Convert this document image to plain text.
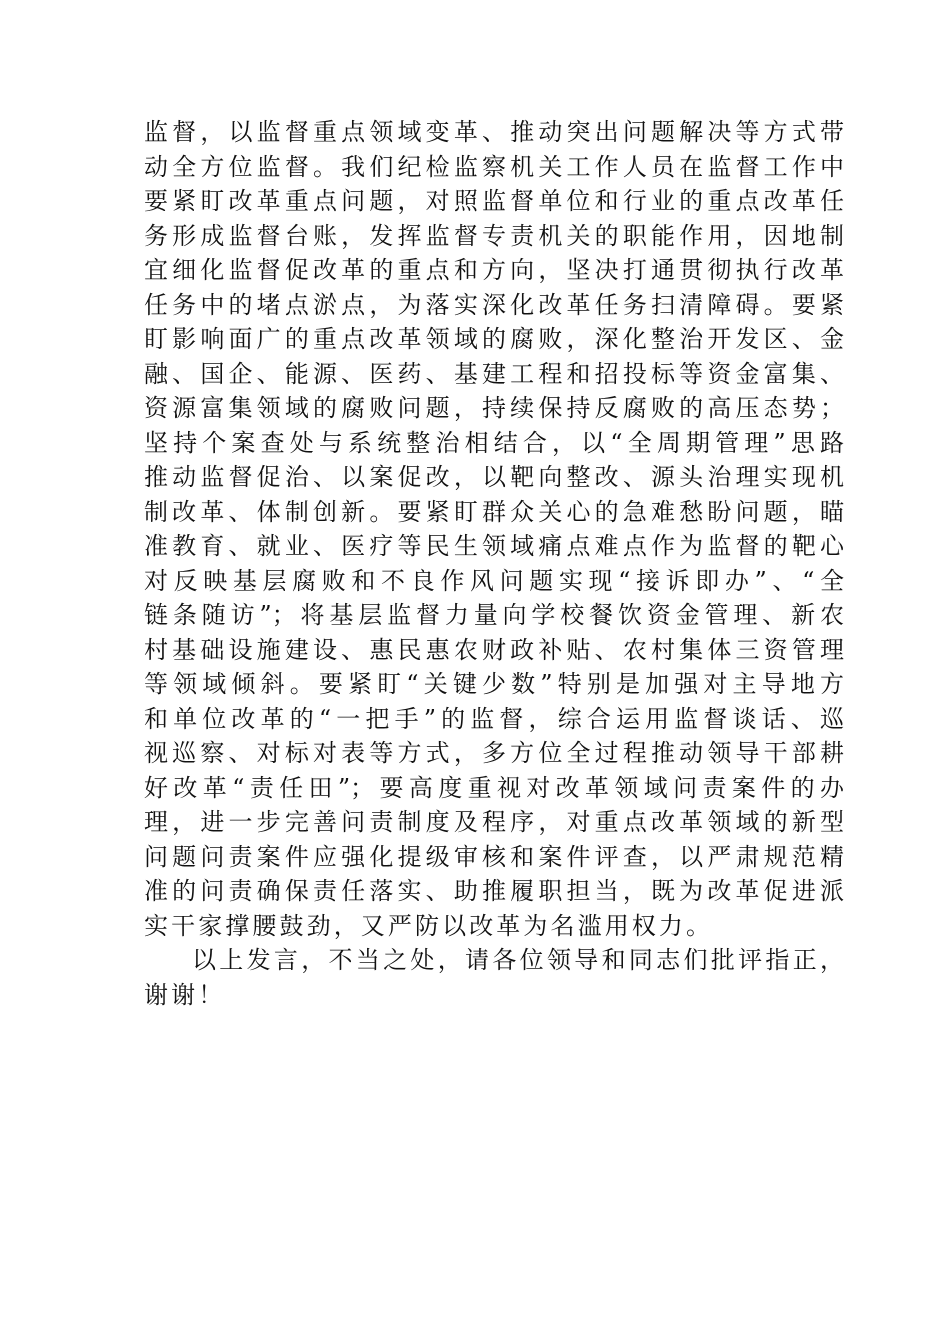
监督，以监督重点领域变革、推动突出问题解决等方式带
动全方位监督。我们纪检监察机关工作人员在监督工作中
要紧盯改革重点问题，对照监督单位和行业的重点改革任
务形成监督台账，发挥监督专责机关的职能作用，因地制
宜细化监督促改革的重点和方向，坚决打通贯彻执行改革
任务中的堵点淤点，为落实深化改革任务扫清障碍。要紧
盯影响面广的重点改革领域的腐败，深化整治开发区、金
融、国企、能源、医药、基建工程和招投标等资金富集、
资源富集领域的腐败问题，持续保持反腐败的高压态势；
坚持个案查处与系统整治相结合，以“全周期管理”思路
推动监督促治、以案促改，以靶向整改、源头治理实现机
制改革、体制创新。要紧盯群众关心的急难愁盼问题，瞄
准教育、就业、医疗等民生领域痛点难点作为监督的靶心
对反映基层腐败和不良作风问题实现“接诉即办”、“全
链条随访”；将基层监督力量向学校餐饮资金管理、新农
村基础设施建设、惠民惠农财政补贴、农村集体三资管理
等领域倾斜。要紧盯“关键少数”特别是加强对主导地方
和单位改革的“一把手”的监督，综合运用监督谈话、巡
视巡察、对标对表等方式，多方位全过程推动领导干部耕
好改革“责任田”；要高度重视对改革领域问责案件的办
理，进一步完善问责制度及程序，对重点改革领域的新型
问题问责案件应强化提级审核和案件评查，以严肃规范精
准的问责确保责任落实、助推履职担当，既为改革促进派
实干家撑腰鼓劲，又严防以改革为名滥用权力。
以上发言，不当之处，请各位领导和同志们批评指正，
谢谢！
